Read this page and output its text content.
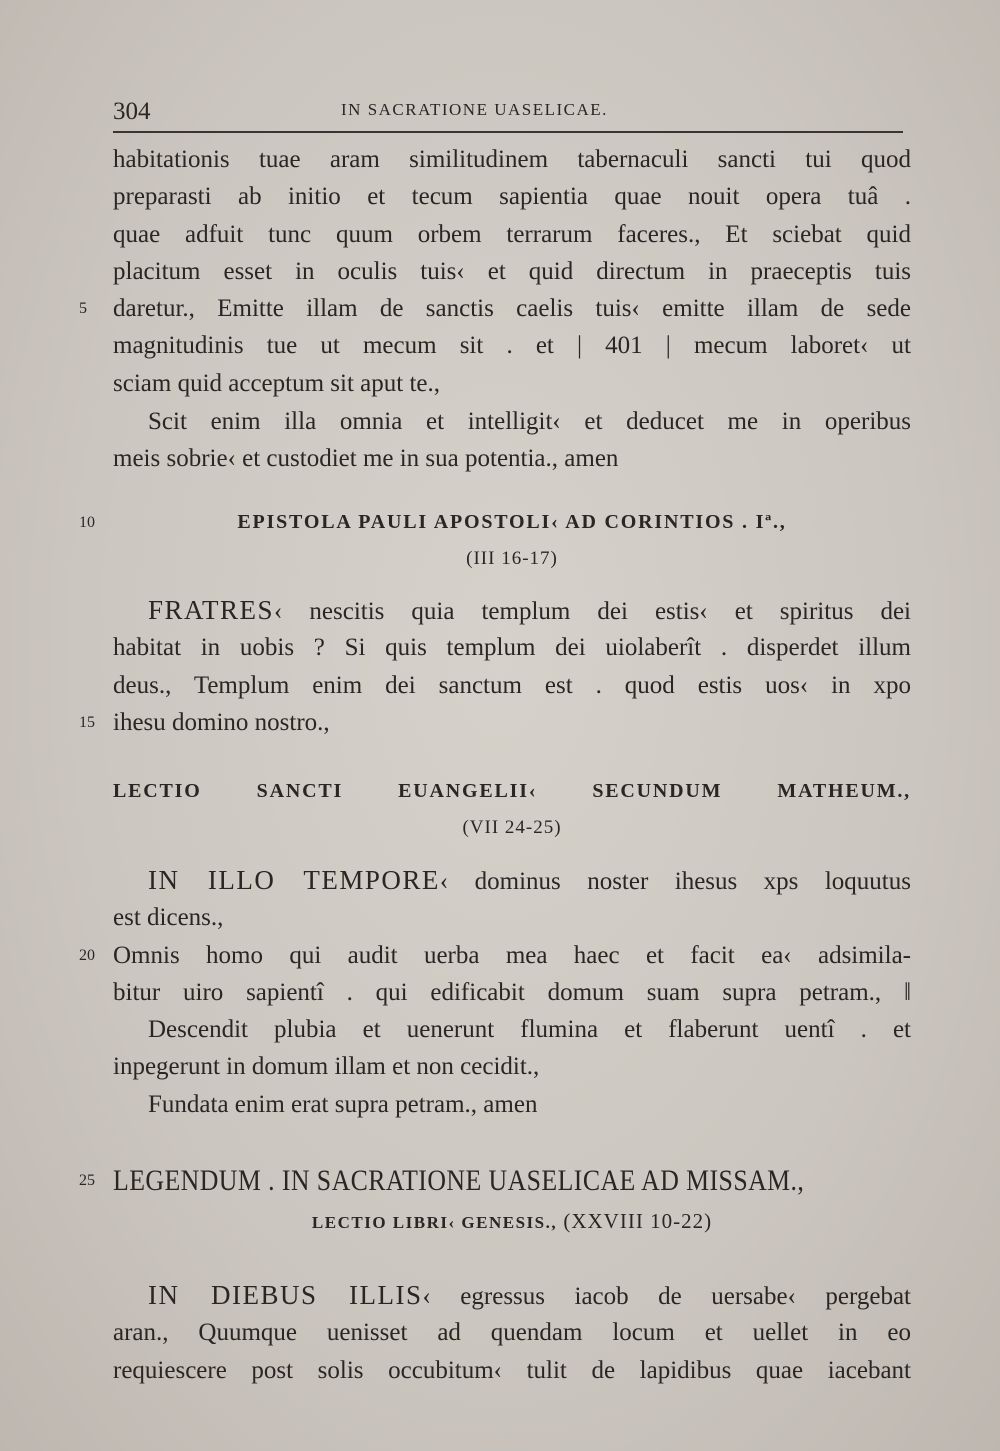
304	IN SACRATIONE UASELICAE.
habitationis tuae aram similitudinem tabernaculi sancti tui quod
preparasti ab initio et tecum sapientia quae nouit opera tuâ .
quae adfuit tunc quum orbem terrarum faceres., Et sciebat quid
placitum esset in oculis tuis‹ et quid directum in praeceptis tuis
5 daretur., Emitte illam de sanctis caelis tuis‹ emitte illam de sede
magnitudinis tue ut mecum sit . et | 401 | mecum laboret‹ ut
sciam quid acceptum sit aput te.,
Scit enim illa omnia et intelligit‹ et deducet me in operibus
meis sobrie‹ et custodiet me in sua potentia., amen
10	EPISTOLA PAULI APOSTOLI‹ AD CORINTIOS . Iª.,
(III 16-17)
FRATRES‹ nescitis quia templum dei estis‹ et spiritus dei
habitat in uobis ? Si quis templum dei uiolaberît . disperdet illum
deus., Templum enim dei sanctum est . quod estis uos‹ in xpo
15 ihesu domino nostro.,
LECTIO SANCTI EUANGELII‹ SECUNDUM MATHEUM.,
(VII 24-25)
IN ILLO TEMPORE‹ dominus noster ihesus xps loquutus
est dicens.,
20 Omnis homo qui audit uerba mea haec et facit ea‹ adsimila-
bitur uiro sapientî . qui edificabit domum suam supra petram., ‖
Descendit plubia et uenerunt flumina et flaberunt uentî . et
inpegerunt in domum illam et non cecidit.,
Fundata enim erat supra petram., amen
25 LEGENDUM . IN SACRATIONE UASELICAE AD MISSAM.,
LECTIO LIBRI‹ GENESIS., (XXVIII 10-22)
IN DIEBUS ILLIS‹ egressus iacob de uersabe‹ pergebat
aran., Quumque uenisset ad quendam locum et uellet in eo
requiescere post solis occubitum‹ tulit de lapidibus quae iacebant
